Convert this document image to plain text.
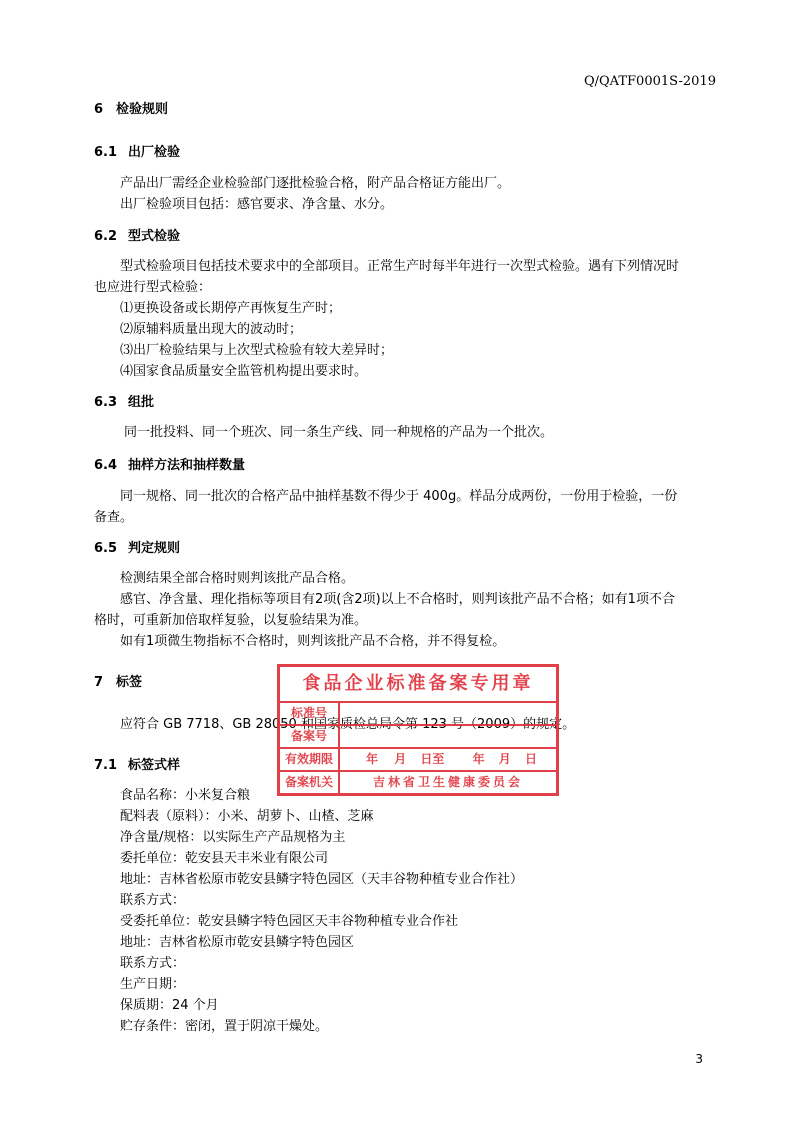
Q/QATF0001S-2019
6 检验规则
6.1 出厂检验
产品出厂需经企业检验部门逐批检验合格，附产品合格证方能出厂。
出厂检验项目包括：感官要求、净含量、水分。
6.2 型式检验
型式检验项目包括技术要求中的全部项目。正常生产时每半年进行一次型式检验。遇有下列情况时
也应进行型式检验：
⑴更换设备或长期停产再恢复生产时；
⑵原辅料质量出现大的波动时；
⑶出厂检验结果与上次型式检验有较大差异时；
⑷国家食品质量安全监管机构提出要求时。
6.3 组批
同一批投料、同一个班次、同一条生产线、同一种规格的产品为一个批次。
6.4 抽样方法和抽样数量
同一规格、同一批次的合格产品中抽样基数不得少于 400g。样品分成两份，一份用于检验，一份
备查。
6.5 判定规则
检测结果全部合格时则判该批产品合格。
感官、净含量、理化指标等项目有2项(含2项)以上不合格时，则判该批产品不合格；如有1项不合
格时，可重新加倍取样复验，以复验结果为准。
如有1项微生物指标不合格时，则判该批产品不合格，并不得复检。
7 标签
应符合 GB 7718、GB 28050 和国家质检总局令第 123 号（2009）的规定。
7.1 标签式样
食品名称：小米复合粮
配料表（原料）：小米、胡萝卜、山楂、芝麻
净含量/规格：以实际生产产品规格为主
委托单位：乾安县天丰米业有限公司
地址：吉林省松原市乾安县鳞字特色园区（天丰谷物种植专业合作社）
联系方式：
受委托单位：乾安县鳞字特色园区天丰谷物种植专业合作社
地址：吉林省松原市乾安县鳞字特色园区
联系方式：
生产日期：
保质期：24 个月
贮存条件：密闭，置于阴凉干燥处。
食品企业标准备案专用章
标准号
备案号
有效期限	年 月 日至 年 月 日
备案机关	吉林省卫生健康委员会
3
